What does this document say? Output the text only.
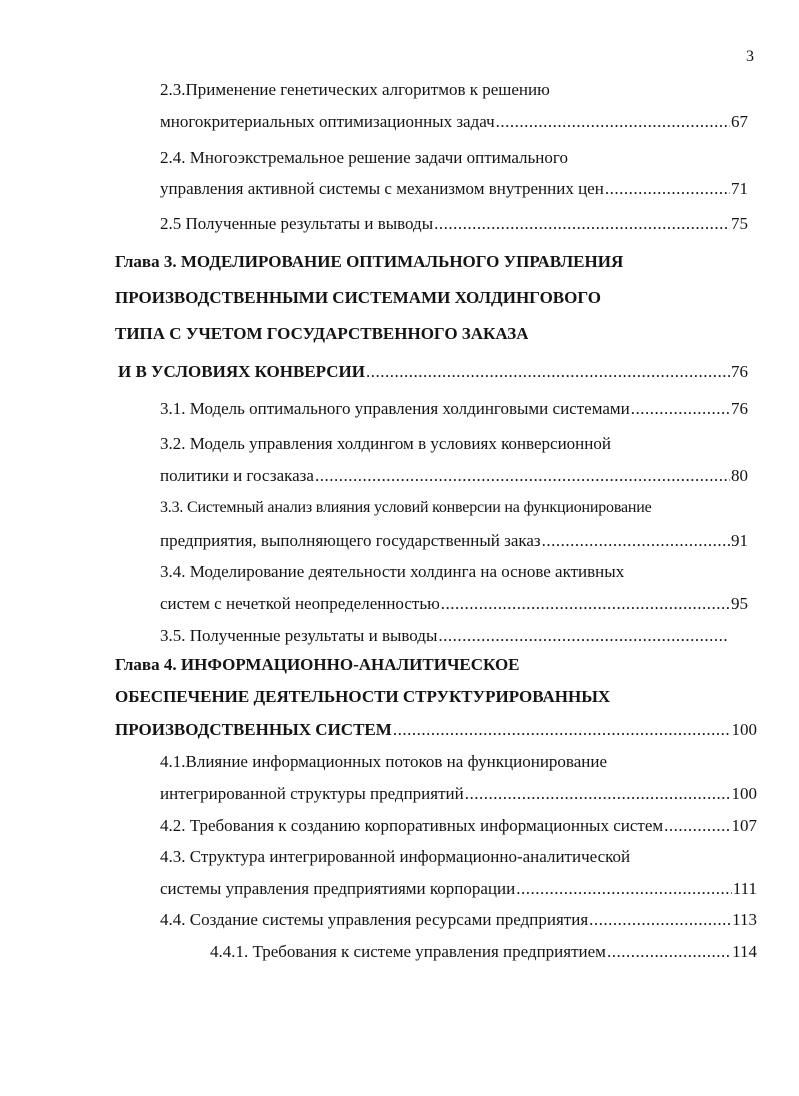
3
2.3.Применение генетических алгоритмов к решению
многокритериальных оптимизационных задач .....	67
2.4. Многоэкстремальное решение задачи оптимального
управления активной системы с механизмом внутренних цен .....	71
2.5 Полученные результаты и выводы .....	75
Глава 3. МОДЕЛИРОВАНИЕ ОПТИМАЛЬНОГО УПРАВЛЕНИЯ
ПРОИЗВОДСТВЕННЫМИ СИСТЕМАМИ ХОЛДИНГОВОГО
ТИПА С УЧЕТОМ ГОСУДАРСТВЕННОГО ЗАКАЗА
И В УСЛОВИЯХ КОНВЕРСИИ .....	76
3.1. Модель оптимального управления холдинговыми системами .....	76
3.2. Модель управления холдингом в условиях конверсионной
политики и госзаказа .....	80
3.3. Системный анализ влияния условий конверсии на функционирование
предприятия, выполняющего государственный заказ .....	91
3.4. Моделирование деятельности холдинга на основе активных
систем с нечеткой неопределенностью .....	95
3.5. Полученные результаты и выводы
.....
Глава 4. ИНФОРМАЦИОННО-АНАЛИТИЧЕСКОЕ
ОБЕСПЕЧЕНИЕ ДЕЯТЕЛЬНОСТИ СТРУКТУРИРОВАННЫХ
ПРОИЗВОДСТВЕННЫХ СИСТЕМ .....	100
4.1.Влияние информационных потоков на функционирование
интегрированной структуры предприятий .....	100
4.2. Требования к созданию корпоративных информационных систем .....	107
4.3. Структура интегрированной информационно-аналитической
системы управления предприятиями корпорации .....	111
4.4. Создание системы управления ресурсами предприятия .....	113
4.4.1. Требования к системе управления предприятием .....	114
